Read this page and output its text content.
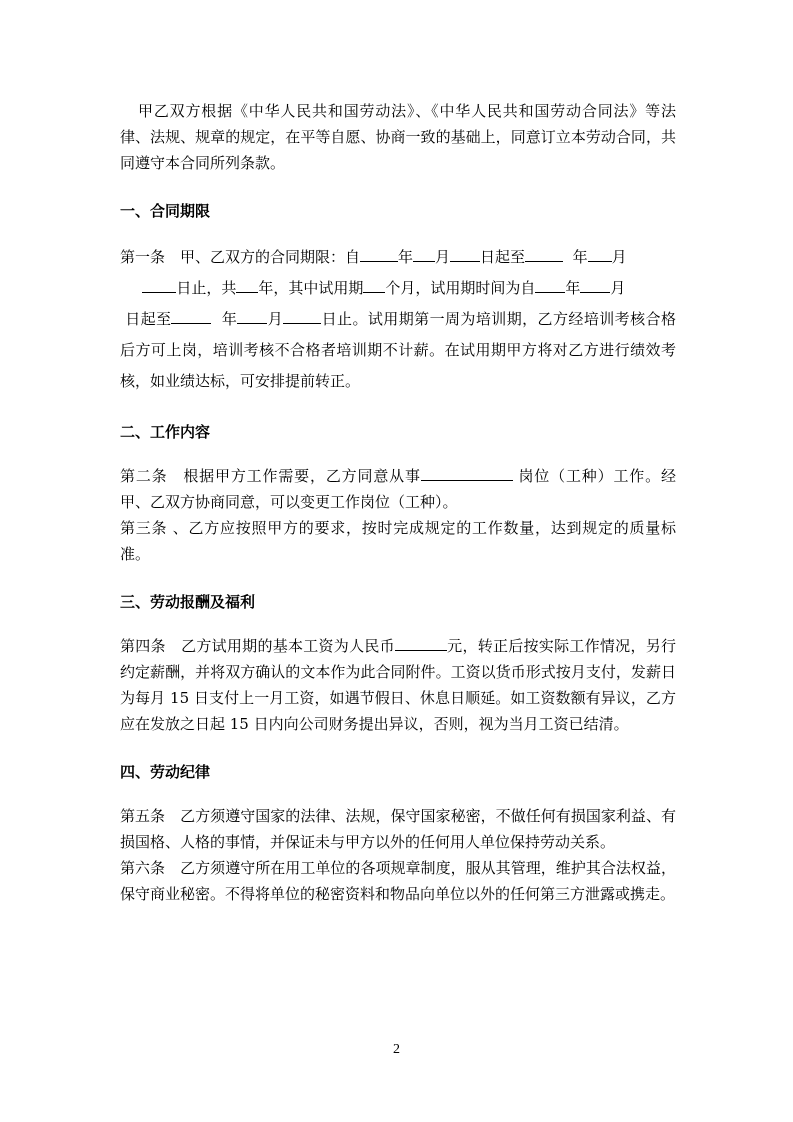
甲乙双方根据《中华人民共和国劳动法》、《中华人民共和国劳动合同法》等法律、法规、规章的规定，在平等自愿、协商一致的基础上，同意订立本劳动合同，共同遵守本合同所列条款。

一、合同期限

第一条　甲、乙双方的合同期限：自	年 月 日起至	年 月
日止，共 年，其中试用期 个月，试用期时间为自 年 月
日起至	年 月	日止。试用期第一周为培训期，乙方经培训考核合格后方可上岗，培训考核不合格者培训期不计薪。在试用期甲方将对乙方进行绩效考核，如业绩达标，可安排提前转正。

二、工作内容

第二条　根据甲方工作需要，乙方同意从事	岗位（工种）工作。经甲、乙双方协商同意，可以变更工作岗位（工种）。

第三条 、乙方应按照甲方的要求，按时完成规定的工作数量，达到规定的质量标准。

三、劳动报酬及福利

第四条　乙方试用期的基本工资为人民币	元，转正后按实际工作情况，另行约定薪酬，并将双方确认的文本作为此合同附件。工资以货币形式按月支付，发薪日为每月 15 日支付上一月工资，如遇节假日、休息日顺延。如工资数额有异议，乙方应在发放之日起 15 日内向公司财务提出异议，否则，视为当月工资已结清。

四、劳动纪律

第五条　乙方须遵守国家的法律、法规，保守国家秘密，不做任何有损国家利益、有损国格、人格的事情，并保证未与甲方以外的任何用人单位保持劳动关系。

第六条　乙方须遵守所在用工单位的各项规章制度，服从其管理，维护其合法权益，保守商业秘密。不得将单位的秘密资料和物品向单位以外的任何第三方泄露或携走。

2
